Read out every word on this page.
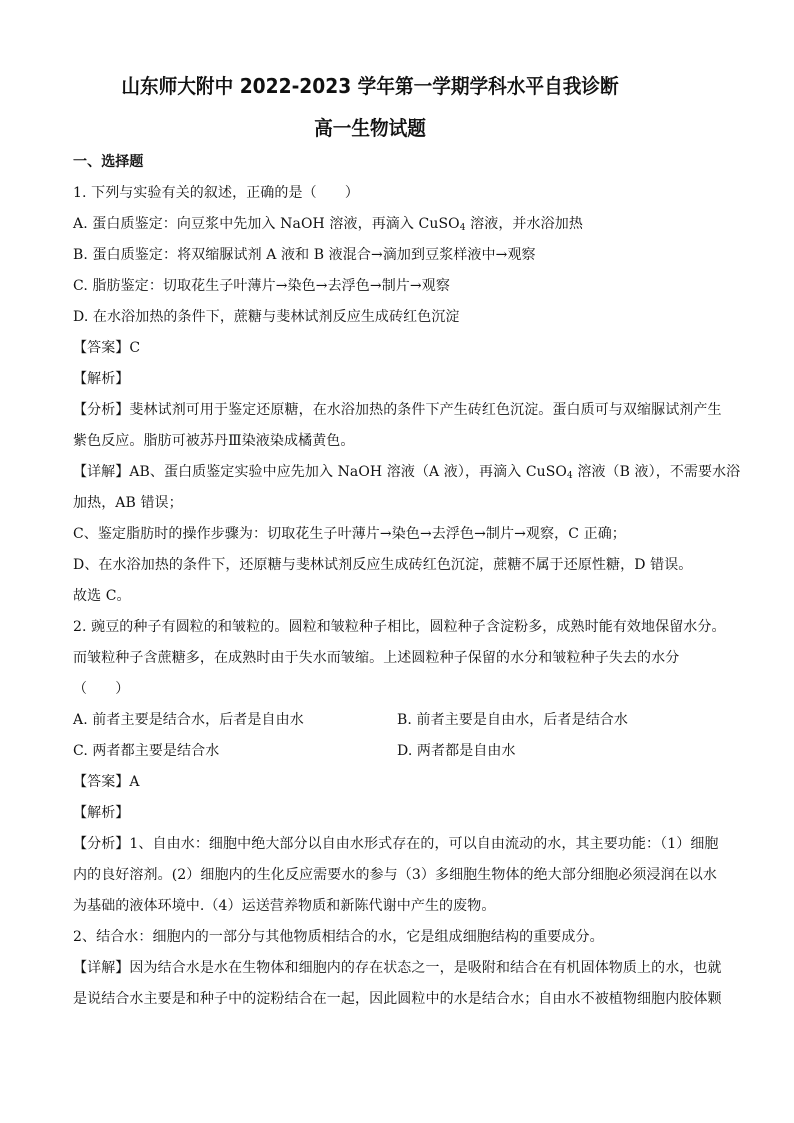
山东师大附中 2022-2023 学年第一学期学科水平自我诊断
高一生物试题
一、选择题
1. 下列与实验有关的叙述，正确的是（　　）
A. 蛋白质鉴定：向豆浆中先加入 NaOH 溶液，再滴入 CuSO$_4$ 溶液，并水浴加热
B. 蛋白质鉴定：将双缩脲试剂 A 液和 B 液混合→滴加到豆浆样液中→观察
C. 脂肪鉴定：切取花生子叶薄片→染色→去浮色→制片→观察
D. 在水浴加热的条件下，蔗糖与斐林试剂反应生成砖红色沉淀
【答案】C
【解析】
【分析】斐林试剂可用于鉴定还原糖，在水浴加热的条件下产生砖红色沉淀。蛋白质可与双缩脲试剂产生
紫色反应。脂肪可被苏丹Ⅲ染液染成橘黄色。
【详解】AB、蛋白质鉴定实验中应先加入 NaOH 溶液（A 液），再滴入 CuSO$_4$ 溶液（B 液），不需要水浴
加热，AB 错误；
C、鉴定脂肪时的操作步骤为：切取花生子叶薄片→染色→去浮色→制片→观察，C 正确；
D、在水浴加热的条件下，还原糖与斐林试剂反应生成砖红色沉淀，蔗糖不属于还原性糖，D 错误。
故选 C。
2. 豌豆的种子有圆粒的和皱粒的。圆粒和皱粒种子相比，圆粒种子含淀粉多，成熟时能有效地保留水分。
而皱粒种子含蔗糖多，在成熟时由于失水而皱缩。上述圆粒种子保留的水分和皱粒种子失去的水分
（　　）
A. 前者主要是结合水，后者是自由水	B. 前者主要是自由水，后者是结合水
C. 两者都主要是结合水	D. 两者都是自由水
【答案】A
【解析】
【分析】1、自由水：细胞中绝大部分以自由水形式存在的，可以自由流动的水，其主要功能：（1）细胞
内的良好溶剂。(2）细胞内的生化反应需要水的参与（3）多细胞生物体的绝大部分细胞必须浸润在以水
为基础的液体环境中.（4）运送营养物质和新陈代谢中产生的废物。
2、结合水：细胞内的一部分与其他物质相结合的水，它是组成细胞结构的重要成分。
【详解】因为结合水是水在生物体和细胞内的存在状态之一，是吸附和结合在有机固体物质上的水，也就
是说结合水主要是和种子中的淀粉结合在一起，因此圆粒中的水是结合水；自由水不被植物细胞内胶体颗
